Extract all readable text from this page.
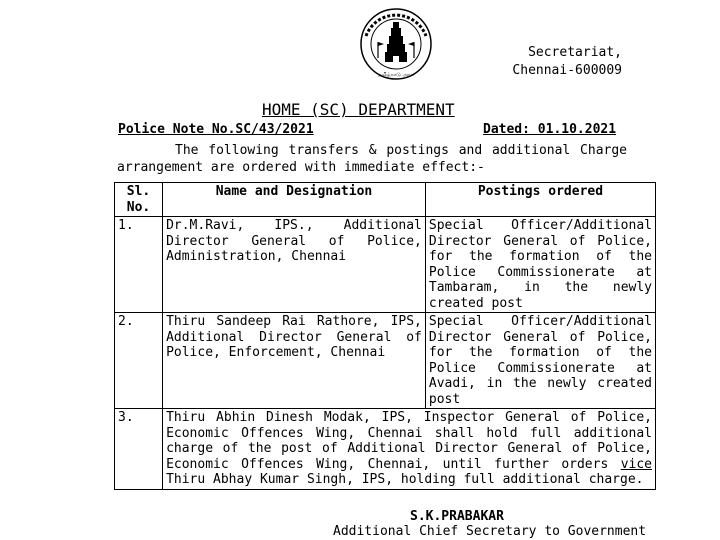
தமிழ்நாடு அரசு
Secretariat,
Chennai-600009
HOME (SC) DEPARTMENT
Police Note No.SC/43/2021	Dated: 01.10.2021
The following transfers & postings and additional Charge
arrangement are ordered with immediate effect:-
Sl.
No.	Name and Designation	Postings ordered
1.	Dr.M.Ravi, IPS., Additional Director General of Police, Administration, Chennai	Special Officer/Additional Director General of Police, for the formation of the Police Commissionerate at Tambaram, in the newly created post
2.	Thiru Sandeep Rai Rathore, IPS, Additional Director General of Police, Enforcement, Chennai	Special Officer/Additional Director General of Police, for the formation of the Police Commissionerate at Avadi, in the newly created post
3.	Thiru Abhin Dinesh Modak, IPS, Inspector General of Police, Economic Offences Wing, Chennai shall hold full additional charge of the post of Additional Director General of Police, Economic Offences Wing, Chennai, until further orders vice Thiru Abhay Kumar Singh, IPS, holding full additional charge.	
S.K.PRABAKAR
Additional Chief Secretary to Government
